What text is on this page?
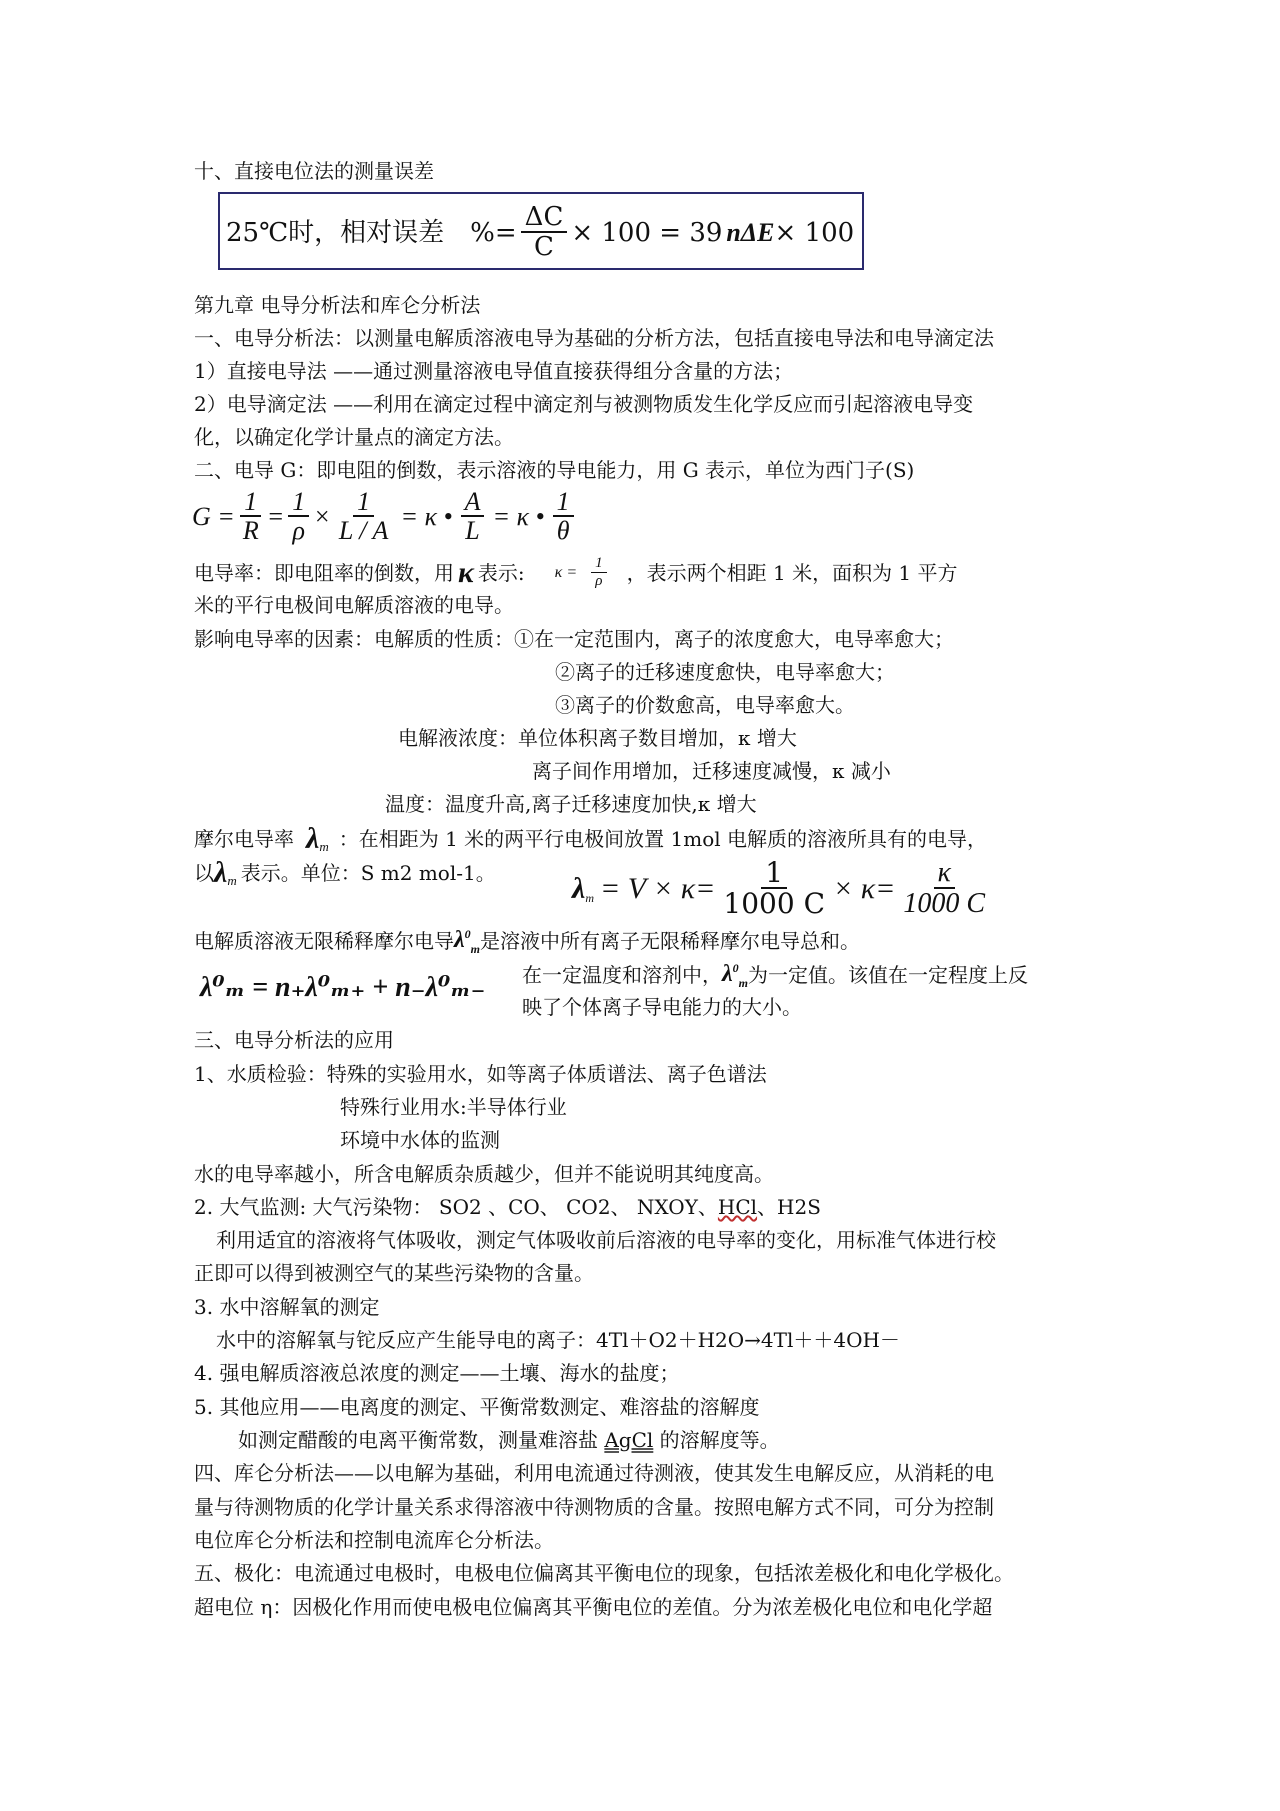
十、直接电位法的测量误差
25℃时，相对误差 %= $\frac{\Delta C}{C} \times 100 = 39$ nΔE × 100
第九章 电导分析法和库仑分析法
一、电导分析法：以测量电解质溶液电导为基础的分析方法，包括直接电导法和电导滴定法
1）直接电导法 ——通过测量溶液电导值直接获得组分含量的方法；
2）电导滴定法 ——利用在滴定过程中滴定剂与被测物质发生化学反应而引起溶液电导变
化，以确定化学计量点的滴定方法。
二、电导 G：即电阻的倒数，表示溶液的导电能力，用 G 表示，单位为西门子(S)
$G = \frac{1}{R} = \frac{1}{\rho} \times \frac{1}{L / A} = \kappa$ • $\frac{A}{L} = \kappa$ • $\frac{1}{\theta}$
电导率：即电阻率的倒数，用 κ 表示: $\kappa = \frac{1}{\rho}$ ，表示两个相距 1 米，面积为 1 平方
米的平行电极间电解质溶液的电导。
影响电导率的因素：电解质的性质：①在一定范围内，离子的浓度愈大，电导率愈大；
②离子的迁移速度愈快，电导率愈大；
③离子的价数愈高，电导率愈大。
电解液浓度：单位体积离子数目增加，κ 增大
离子间作用增加，迁移速度减慢，κ 减小
温度：温度升高,离子迁移速度加快,κ 增大
摩尔电导率 λ m ：在相距为 1 米的两平行电极间放置 1mol 电解质的溶液所具有的电导，
以 λ m 表示。单位：S m2 mol-1。	λ $m = V \times \kappa= \frac{1}{1000 C} \times \kappa= \frac{\kappa}{1000 C}$
电解质溶液无限稀释摩尔电导 $\lambda^0_m$ 是溶液中所有离子无限稀释摩尔电导总和。
λ⁰ₘ = n₊λ⁰ₘ₊ + n₋λ⁰ₘ₋ 在一定温度和溶剂中， $\lambda^0_m$ 为一定值。该值在一定程度上反
映了个体离子导电能力的大小。
三、电导分析法的应用
1、水质检验：特殊的实验用水，如等离子体质谱法、离子色谱法
特殊行业用水:半导体行业
环境中水体的监测
水的电导率越小，所含电解质杂质越少，但并不能说明其纯度高。
2. 大气监测: 大气污染物： SO2 、CO、 CO2、 NXOY、HCl、H2S
利用适宜的溶液将气体吸收，测定气体吸收前后溶液的电导率的变化，用标准气体进行校
正即可以得到被测空气的某些污染物的含量。
3. 水中溶解氧的测定
水中的溶解氧与铊反应产生能导电的离子：4Tl＋O2＋H2O→4Tl＋＋4OH－
4. 强电解质溶液总浓度的测定——土壤、海水的盐度；
5. 其他应用——电离度的测定、平衡常数测定、难溶盐的溶解度
如测定醋酸的电离平衡常数，测量难溶盐 AgCl 的溶解度等。
四、库仑分析法——以电解为基础，利用电流通过待测液，使其发生电解反应，从消耗的电
量与待测物质的化学计量关系求得溶液中待测物质的含量。按照电解方式不同，可分为控制
电位库仑分析法和控制电流库仑分析法。
五、极化：电流通过电极时，电极电位偏离其平衡电位的现象，包括浓差极化和电化学极化。
超电位 η：因极化作用而使电极电位偏离其平衡电位的差值。分为浓差极化电位和电化学超
